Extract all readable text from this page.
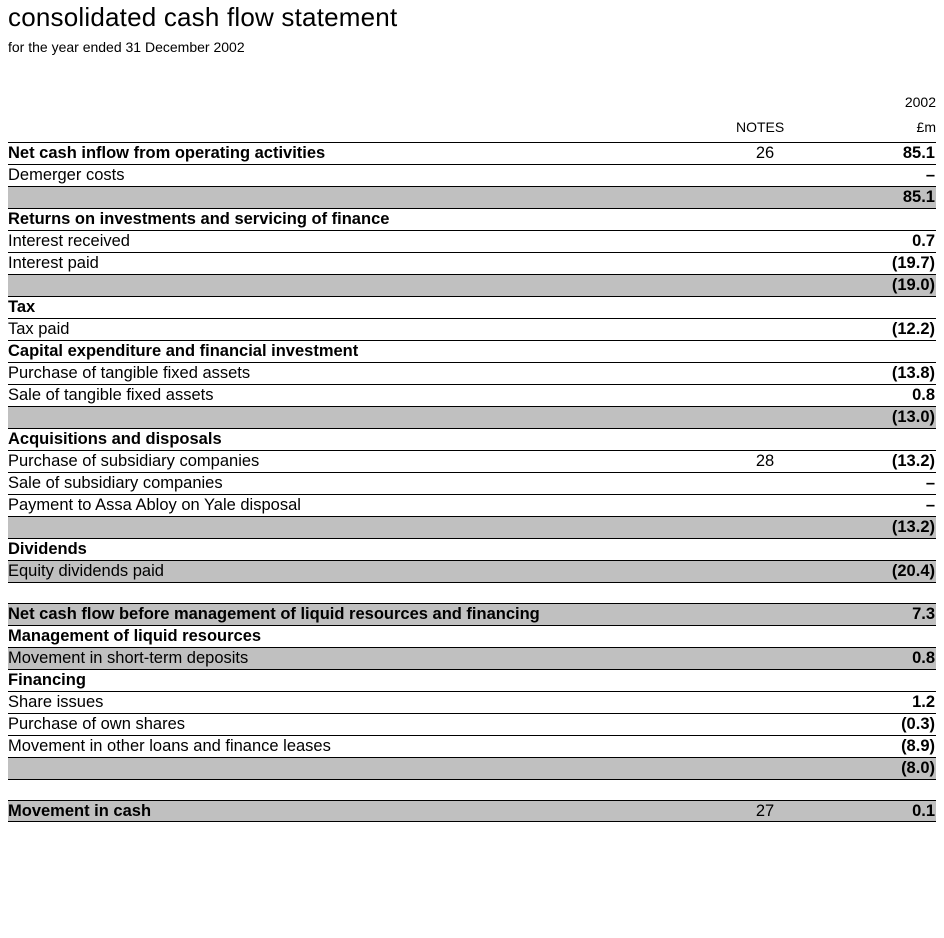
consolidated cash flow statement
for the year ended 31 December 2002
2002
NOTES	£m
Net cash inflow from operating activities	26	85.1
Demerger costs	–
85.1
Returns on investments and servicing of finance
Interest received	0.7
Interest paid	(19.7)
(19.0)
Tax
Tax paid	(12.2)
Capital expenditure and financial investment
Purchase of tangible fixed assets	(13.8)
Sale of tangible fixed assets	0.8
(13.0)
Acquisitions and disposals
Purchase of subsidiary companies	28	(13.2)
Sale of subsidiary companies	–
Payment to Assa Abloy on Yale disposal	–
(13.2)
Dividends
Equity dividends paid	(20.4)
Net cash flow before management of liquid resources and financing	7.3
Management of liquid resources
Movement in short-term deposits	0.8
Financing
Share issues	1.2
Purchase of own shares	(0.3)
Movement in other loans and finance leases	(8.9)
(8.0)
Movement in cash	27	0.1
